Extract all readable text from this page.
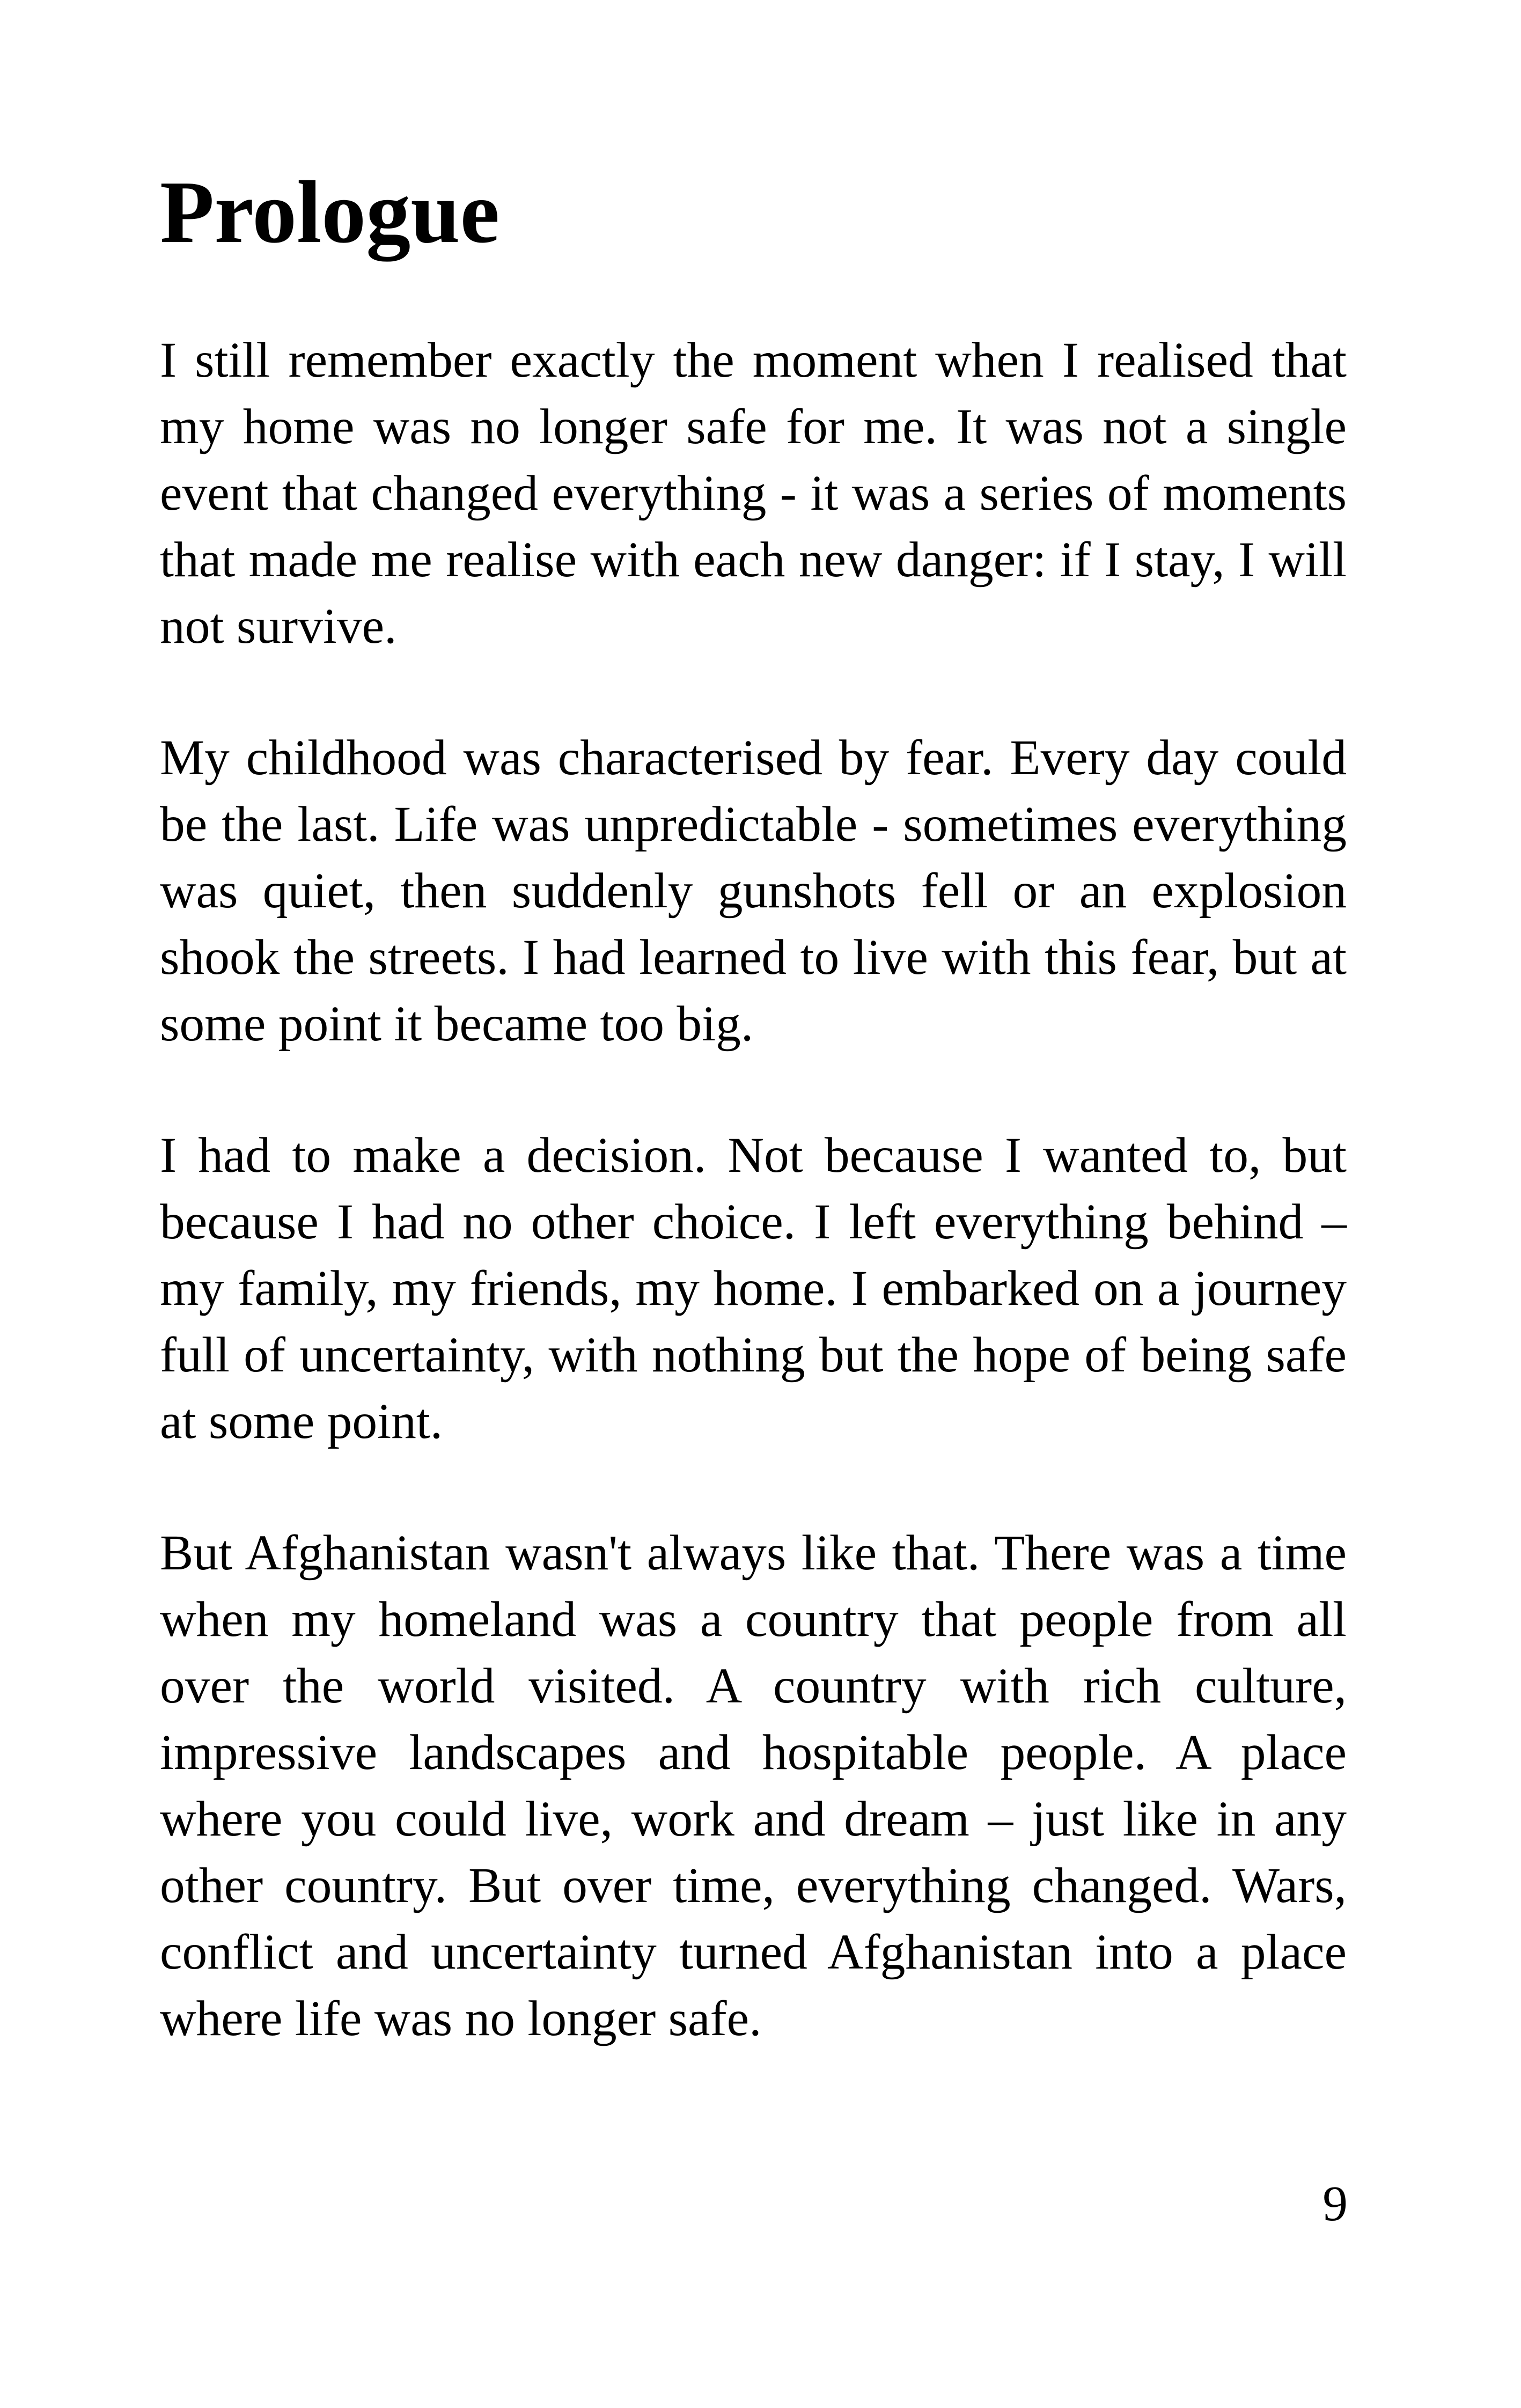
Prologue

I still remember exactly the moment when I realised that my home was no longer safe for me. It was not a single event that changed everything - it was a series of moments that made me realise with each new danger: if I stay, I will not survive.

My childhood was characterised by fear. Every day could be the last. Life was unpredictable - sometimes everything was quiet, then suddenly gunshots fell or an explosion shook the streets. I had learned to live with this fear, but at some point it became too big.

I had to make a decision. Not because I wanted to, but because I had no other choice. I left everything behind – my family, my friends, my home. I embarked on a journey full of uncertainty, with nothing but the hope of being safe at some point.

But Afghanistan wasn't always like that. There was a time when my homeland was a country that people from all over the world visited. A country with rich culture, impressive landscapes and hospitable people. A place where you could live, work and dream – just like in any other country. But over time, everything changed. Wars, conflict and uncertainty turned Afghanistan into a place where life was no longer safe.

9
